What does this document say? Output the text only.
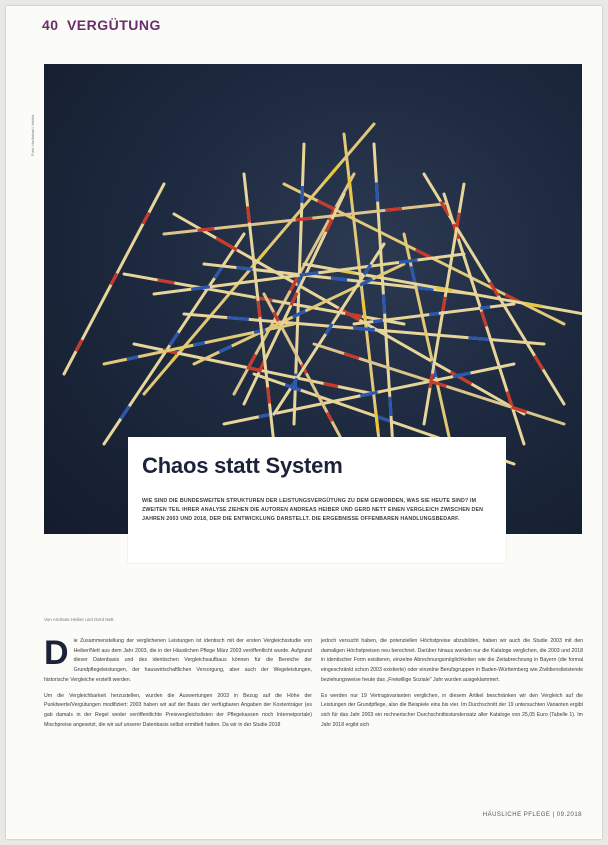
40 VERGÜTUNG
Foto: Hadiahari / fotolia
Chaos statt System
WIE SIND DIE BUNDESWEITEN STRUKTUREN DER LEISTUNGSVERGÜTUNG ZU DEM GEWORDEN, WAS SIE HEUTE SIND? IM ZWEITEN TEIL IHRER ANALYSE ZIEHEN DIE AUTOREN ANDREAS HEIBER UND GERD NETT EINEN VERGLEICH ZWISCHEN DEN JAHREN 2003 UND 2018, DER DIE ENTWICKLUNG DARSTELLT. DIE ERGEBNISSE OFFENBAREN HANDLUNGSBEDARF.
Von Andreas Heiber und Gerd Nett

Die Zusammenstellung der verglichenen Leistungen ist identisch mit der ersten Vergleichsstudie von Heiber/Nett aus dem Jahr 2003, die in der Häuslichen Pflege März 2003 veröffentlicht wurde. Aufgrund dieser Datenbasis und des identischen Vergleichsaufbaus können für die Bereiche der Grundpflegeleistungen, der hauswirtschaftlichen Versorgung, aber auch der Wegeleistungen, historische Vergleiche erstellt werden.

Um die Vergleichbarkeit herzustellen, wurden die Auswertungen 2003 in Bezug auf die Höhe der Punktwerte/Vergütungen modifiziert: 2003 haben wir auf der Basis der verfügbaren Angaben der Kostenträger (es gab damals in der Regel weder veröffentlichte Preisvergleichslisten der Pflegekassen noch Internetportale) Mischpreise angesetzt, die wir auf unserer Datenbasis selbst ermittelt hatten. Da wir in der Studie 2018

jedoch versucht haben, die potenziellen Höchstpreise abzubilden, haben wir auch die Studie 2003 mit den damaligen Höchstpreisen neu berechnet. Darüber hinaus wurden nur die Kataloge verglichen, die 2003 und 2018 in identischer Form existieren, einzelne Abrechnungsmöglichkeiten wie die Zeitabrechnung in Bayern (die formal eingeschränkt schon 2003 existierte) oder einzelne Berufsgruppen in Baden-Württemberg wie Zivildienstleistende beziehungsweise heute das „Freiwillige Soziale" Jahr wurden ausgeklammert.

Es werden nur 19 Vertragsvarianten verglichen, in diesem Artikel beschränken wir den Vergleich auf die Leistungen der Grundpflege, also die Beispiele eins bis vier. Im Durchschnitt der 19 untersuchten Varianten ergibt sich für das Jahr 2003 ein rechnerischer Durchschnittsstundensatz aller Kataloge von 25,05 Euro (Tabelle 1). Im Jahr 2018 ergibt sich

HÄUSLICHE PFLEGE | 09.2018
